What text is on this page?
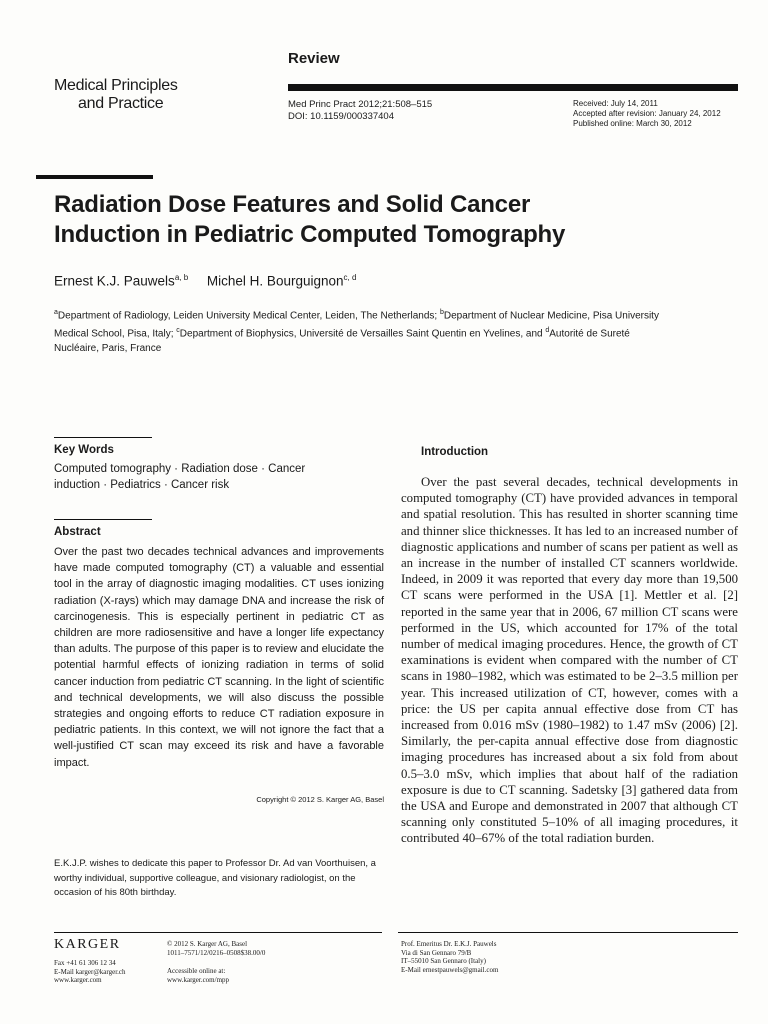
Review
Medical Principles
and Practice	Med Princ Pract 2012;21:508–515
DOI: 10.1159/000337404
Received: July 14, 2011
Accepted after revision: January 24, 2012
Published online: March 30, 2012
Radiation Dose Features and Solid Cancer
Induction in Pediatric Computed Tomography
Ernest K.J. Pauwels$^{a, b}$ Michel H. Bourguignon$^{c, d}$
$^a$Department of Radiology, Leiden University Medical Center, Leiden, The Netherlands; $^b$Department of Nuclear Medicine, Pisa University Medical School, Pisa, Italy; $^c$Department of Biophysics, Université de Versailles Saint Quentin en Yvelines, and $^d$Autorité de Sureté Nucléaire, Paris, France
Key Words
Computed tomography · Radiation dose · Cancer
induction · Pediatrics · Cancer risk
Abstract
Over the past two decades technical advances and improvements have made computed tomography (CT) a valuable and essential tool in the array of diagnostic imaging modalities. CT uses ionizing radiation (X-rays) which may damage DNA and increase the risk of carcinogenesis. This is especially pertinent in pediatric CT as children are more radiosensitive and have a longer life expectancy than adults. The purpose of this paper is to review and elucidate the potential harmful effects of ionizing radiation in terms of solid cancer induction from pediatric CT scanning. In the light of scientific and technical developments, we will also discuss the possible strategies and ongoing efforts to reduce CT radiation exposure in pediatric patients. In this context, we will not ignore the fact that a well-justified CT scan may exceed its risk and have a favorable impact.
Copyright © 2012 S. Karger AG, Basel
E.K.J.P. wishes to dedicate this paper to Professor Dr. Ad van Voorthuisen, a worthy individual, supportive colleague, and visionary radiologist, on the occasion of his 80th birthday.
Introduction
Over the past several decades, technical developments in computed tomography (CT) have provided advances in temporal and spatial resolution. This has resulted in shorter scanning time and thinner slice thicknesses. It has led to an increased number of diagnostic applications and number of scans per patient as well as an increase in the number of installed CT scanners worldwide. Indeed, in 2009 it was reported that every day more than 19,500 CT scans were performed in the USA [1]. Mettler et al. [2] reported in the same year that in 2006, 67 million CT scans were performed in the US, which accounted for 17% of the total number of medical imaging procedures. Hence, the growth of CT examinations is evident when compared with the number of CT scans in 1980–1982, which was estimated to be 2–3.5 million per year. This increased utilization of CT, however, comes with a price: the US per capita annual effective dose from CT has increased from 0.016 mSv (1980–1982) to 1.47 mSv (2006) [2]. Similarly, the per-capita annual effective dose from diagnostic imaging procedures has increased about a six fold from about 0.5–3.0 mSv, which implies that about half of the radiation exposure is due to CT scanning. Sadetsky [3] gathered data from the USA and Europe and demonstrated in 2007 that although CT scanning only constituted 5–10% of all imaging procedures, it contributed 40–67% of the total radiation burden.
KARGER
Fax +41 61 306 12 34
E-Mail karger@karger.ch
www.karger.com
© 2012 S. Karger AG, Basel
1011–7571/12/0216–0508$38.00/0
Accessible online at:
www.karger.com/mpp
Prof. Emeritus Dr. E.K.J. Pauwels
Via di San Gennaro 79/B
IT–55010 San Gennaro (Italy)
E-Mail ernestpauwels@gmail.com
